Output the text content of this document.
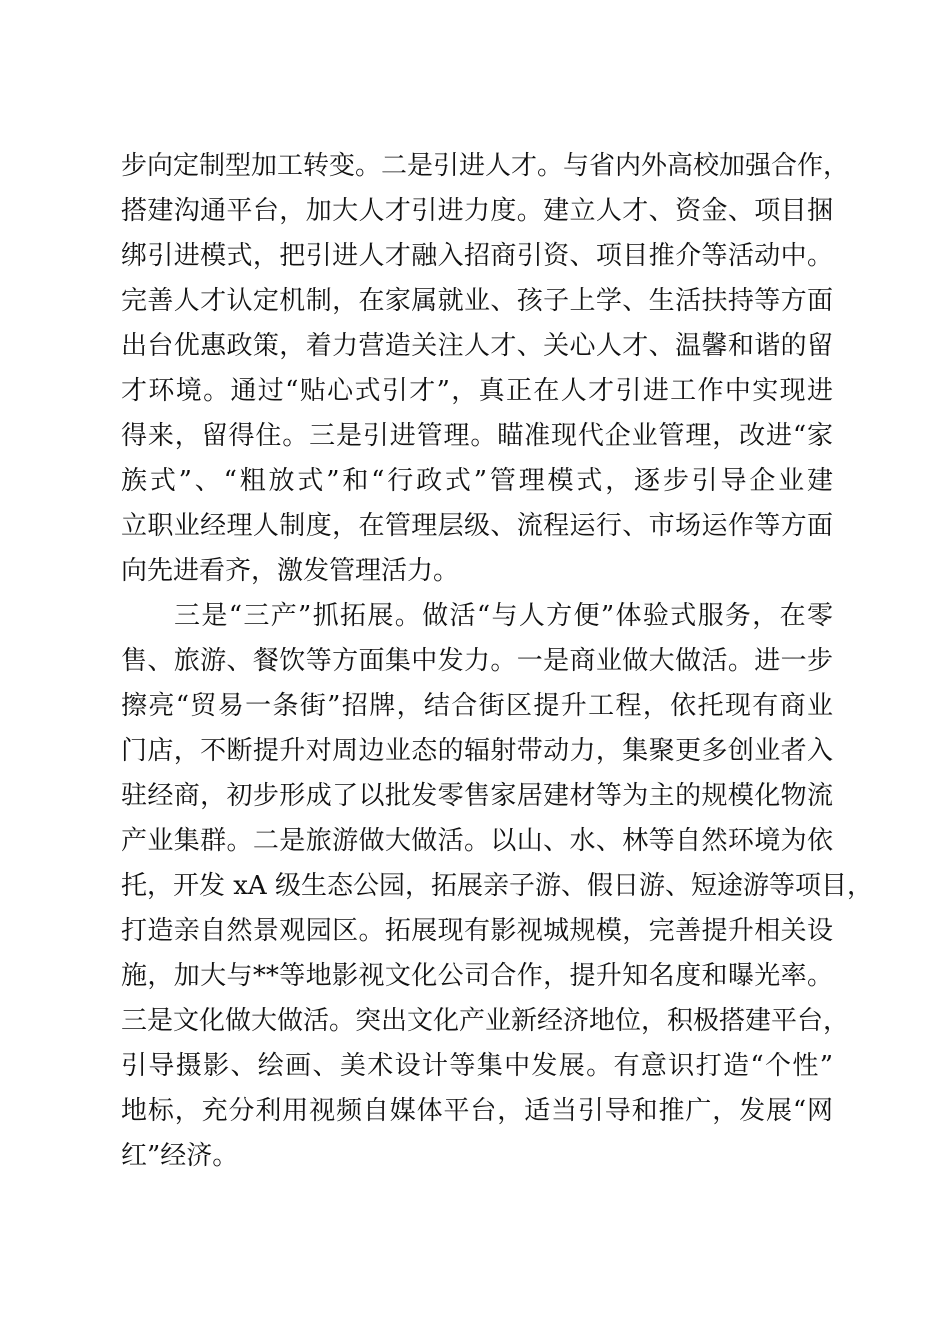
步向定制型加工转变。二是引进人才。与省内外高校加强合作，
搭建沟通平台，加大人才引进力度。建立人才、资金、项目捆
绑引进模式，把引进人才融入招商引资、项目推介等活动中。
完善人才认定机制，在家属就业、孩子上学、生活扶持等方面
出台优惠政策，着力营造关注人才、关心人才、温馨和谐的留
才环境。通过“贴心式引才”，真正在人才引进工作中实现进
得来，留得住。三是引进管理。瞄准现代企业管理，改进“家
族式”、“粗放式”和“行政式”管理模式，逐步引导企业建
立职业经理人制度，在管理层级、流程运行、市场运作等方面
向先进看齐，激发管理活力。
三是“三产”抓拓展。做活“与人方便”体验式服务，在零
售、旅游、餐饮等方面集中发力。一是商业做大做活。进一步
擦亮“贸易一条街”招牌，结合街区提升工程，依托现有商业
门店，不断提升对周边业态的辐射带动力，集聚更多创业者入
驻经商，初步形成了以批发零售家居建材等为主的规模化物流
产业集群。二是旅游做大做活。以山、水、林等自然环境为依
托，开发 xA 级生态公园，拓展亲子游、假日游、短途游等项目，
打造亲自然景观园区。拓展现有影视城规模，完善提升相关设
施，加大与**等地影视文化公司合作，提升知名度和曝光率。
三是文化做大做活。突出文化产业新经济地位，积极搭建平台，
引导摄影、绘画、美术设计等集中发展。有意识打造“个性”
地标，充分利用视频自媒体平台，适当引导和推广，发展“网
红”经济。
